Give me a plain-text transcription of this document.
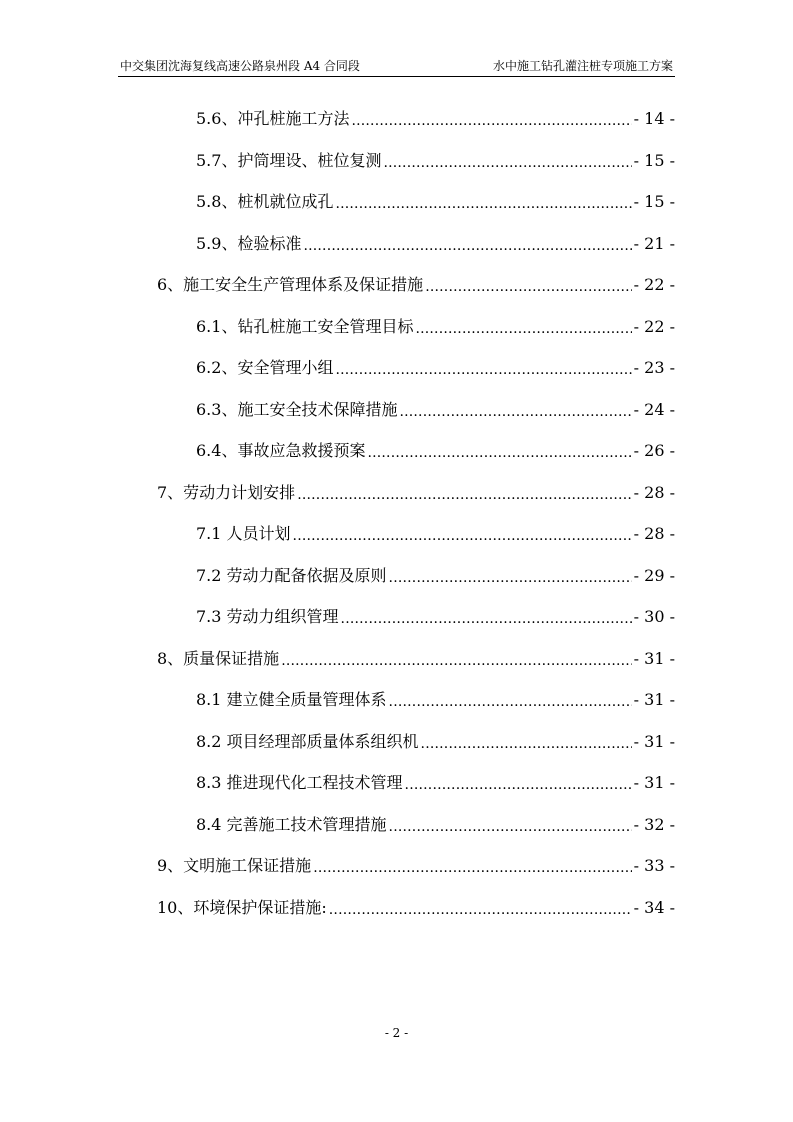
中交集团沈海复线高速公路泉州段 A4 合同段	水中施工钻孔灌注桩专项施工方案
5.6、冲孔桩施工方法 .....	- 14 -
5.7、护筒埋设、桩位复测 .....	- 15 -
5.8、桩机就位成孔 .....	- 15 -
5.9、检验标准 .....	- 21 -
6、施工安全生产管理体系及保证措施 .....	- 22 -
6.1、钻孔桩施工安全管理目标 .....	- 22 -
6.2、安全管理小组 .....	- 23 -
6.3、施工安全技术保障措施 .....	- 24 -
6.4、事故应急救援预案 .....	- 26 -
7、劳动力计划安排 .....	- 28 -
7.1 人员计划 .....	- 28 -
7.2 劳动力配备依据及原则 .....	- 29 -
7.3 劳动力组织管理 .....	- 30 -
8、质量保证措施 .....	- 31 -
8.1 建立健全质量管理体系 .....	- 31 -
8.2 项目经理部质量体系组织机 .....	- 31 -
8.3 推进现代化工程技术管理 .....	- 31 -
8.4 完善施工技术管理措施 .....	- 32 -
9、文明施工保证措施 .....	- 33 -
10、环境保护保证措施: .....	- 34 -
- 2 -
